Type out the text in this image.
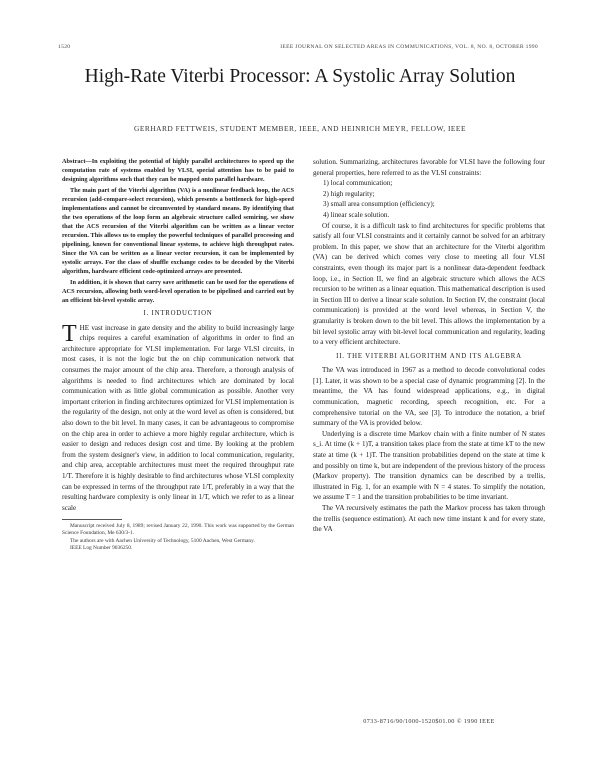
1520	IEEE JOURNAL ON SELECTED AREAS IN COMMUNICATIONS, VOL. 8, NO. 8, OCTOBER 1990
High-Rate Viterbi Processor: A Systolic Array Solution
GERHARD FETTWEIS, STUDENT MEMBER, IEEE, AND HEINRICH MEYR, FELLOW, IEEE

Abstract—In exploiting the potential of highly parallel architectures to speed up the computation rate of systems enabled by VLSI, special attention has to be paid to designing algorithms such that they can be mapped onto parallel hardware.

The main part of the Viterbi algorithm (VA) is a nonlinear feedback loop, the ACS recursion (add-compare-select recursion), which presents a bottleneck for high-speed implementations and cannot be circumvented by standard means. By identifying that the two operations of the loop form an algebraic structure called semiring, we show that the ACS recursion of the Viterbi algorithm can be written as a linear vector recursion. This allows us to employ the powerful techniques of parallel processing and pipelining, known for conventional linear systems, to achieve high throughput rates. Since the VA can be written as a linear vector recursion, it can be implemented by systolic arrays. For the class of shuffle exchange codes to be decoded by the Viterbi algorithm, hardware efficient code-optimized arrays are presented.

In addition, it is shown that carry save arithmetic can be used for the operations of ACS recursion, allowing both word-level operation to be pipelined and carried out by an efficient bit-level systolic array.

I. INTRODUCTION

THE vast increase in gate density and the ability to build increasingly large chips requires a careful examination of algorithms in order to find an architecture appropriate for VLSI implementation. For large VLSI circuits, in most cases, it is not the logic but the on chip communication network that consumes the major amount of the chip area. Therefore, a thorough analysis of algorithms is needed to find architectures which are dominated by local communication with as little global communication as possible. Another very important criterion in finding architectures optimized for VLSI implementation is the regularity of the design, not only at the word level as often is considered, but also down to the bit level. In many cases, it can be advantageous to compromise on the chip area in order to achieve a more highly regular architecture, which is easier to design and reduces design cost and time. By looking at the problem from the system designer's view, in addition to local communication, regularity, and chip area, acceptable architectures must meet the required throughput rate 1/T. Therefore it is highly desirable to find architectures whose VLSI complexity can be expressed in terms of the throughput rate 1/T, preferably in a way that the resulting hardware complexity is only linear in 1/T, which we refer to as a linear scale

Manuscript received July 8, 1989; revised January 22, 1990. This work was supported by the German Science Foundation, Me 630/3-1.

The authors are with Aachen University of Technology, 5100 Aachen, West Germany.

IEEE Log Number 9036250.

solution. Summarizing, architectures favorable for VLSI have the following four general properties, here referred to as the VLSI constraints:

1) local communication;
2) high regularity;
3) small area consumption (efficiency);
4) linear scale solution.

Of course, it is a difficult task to find architectures for specific problems that satisfy all four VLSI constraints and it certainly cannot be solved for an arbitrary problem. In this paper, we show that an architecture for the Viterbi algorithm (VA) can be derived which comes very close to meeting all four VLSI constraints, even though its major part is a nonlinear data-dependent feedback loop, i.e., in Section II, we find an algebraic structure which allows the ACS recursion to be written as a linear equation. This mathematical description is used in Section III to derive a linear scale solution. In Section IV, the constraint (local communication) is provided at the word level whereas, in Section V, the granularity is broken down to the bit level. This allows the implementation by a bit level systolic array with bit-level local communication and regularity, leading to a very efficient architecture.

II. THE VITERBI ALGORITHM AND ITS ALGEBRA

The VA was introduced in 1967 as a method to decode convolutional codes [1]. Later, it was shown to be a special case of dynamic programming [2]. In the meantime, the VA has found widespread applications, e.g., in digital communication, magnetic recording, speech recognition, etc. For a comprehensive tutorial on the VA, see [3]. To introduce the notation, a brief summary of the VA is provided below.

Underlying is a discrete time Markov chain with a finite number of N states s_i. At time (k + 1)T, a transition takes place from the state at time kT to the new state at time (k + 1)T. The transition probabilities depend on the state at time k and possibly on time k, but are independent of the previous history of the process (Markov property). The transition dynamics can be described by a trellis, illustrated in Fig. 1, for an example with N = 4 states. To simplify the notation, we assume T = 1 and the transition probabilities to be time invariant.

The VA recursively estimates the path the Markov process has taken through the trellis (sequence estimation). At each new time instant k and for every state, the VA

0733-8716/90/1000-1520$01.00 © 1990 IEEE
